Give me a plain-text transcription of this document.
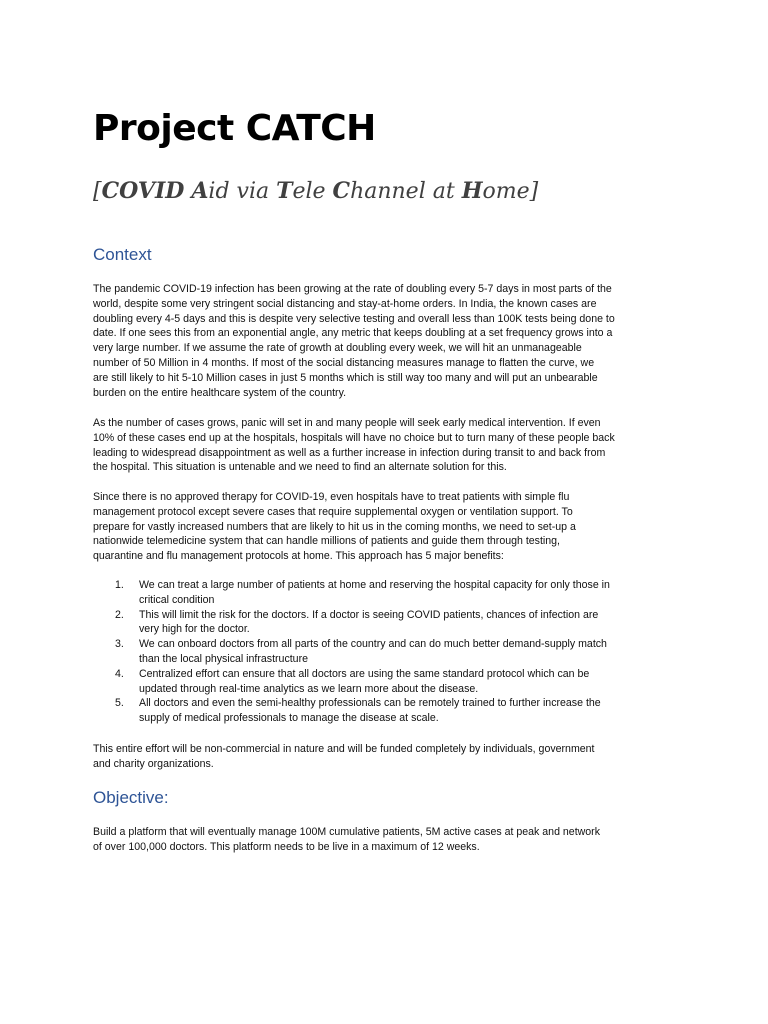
Project CATCH
[COVID Aid via Tele Channel at Home]
Context
The pandemic COVID-19 infection has been growing at the rate of doubling every 5-7 days in most parts of the
world, despite some very stringent social distancing and stay-at-home orders. In India, the known cases are
doubling every 4-5 days and this is despite very selective testing and overall less than 100K tests being done to
date. If one sees this from an exponential angle, any metric that keeps doubling at a set frequency grows into a
very large number. If we assume the rate of growth at doubling every week, we will hit an unmanageable
number of 50 Million in 4 months. If most of the social distancing measures manage to flatten the curve, we
are still likely to hit 5-10 Million cases in just 5 months which is still way too many and will put an unbearable
burden on the entire healthcare system of the country.
As the number of cases grows, panic will set in and many people will seek early medical intervention. If even
10% of these cases end up at the hospitals, hospitals will have no choice but to turn many of these people back
leading to widespread disappointment as well as a further increase in infection during transit to and back from
the hospital. This situation is untenable and we need to find an alternate solution for this.
Since there is no approved therapy for COVID-19, even hospitals have to treat patients with simple flu
management protocol except severe cases that require supplemental oxygen or ventilation support. To
prepare for vastly increased numbers that are likely to hit us in the coming months, we need to set-up a
nationwide telemedicine system that can handle millions of patients and guide them through testing,
quarantine and flu management protocols at home. This approach has 5 major benefits:
1. We can treat a large number of patients at home and reserving the hospital capacity for only those in
critical condition
2. This will limit the risk for the doctors. If a doctor is seeing COVID patients, chances of infection are
very high for the doctor.
3. We can onboard doctors from all parts of the country and can do much better demand-supply match
than the local physical infrastructure
4. Centralized effort can ensure that all doctors are using the same standard protocol which can be
updated through real-time analytics as we learn more about the disease.
5. All doctors and even the semi-healthy professionals can be remotely trained to further increase the
supply of medical professionals to manage the disease at scale.
This entire effort will be non-commercial in nature and will be funded completely by individuals, government
and charity organizations.
Objective:
Build a platform that will eventually manage 100M cumulative patients, 5M active cases at peak and network
of over 100,000 doctors. This platform needs to be live in a maximum of 12 weeks.
